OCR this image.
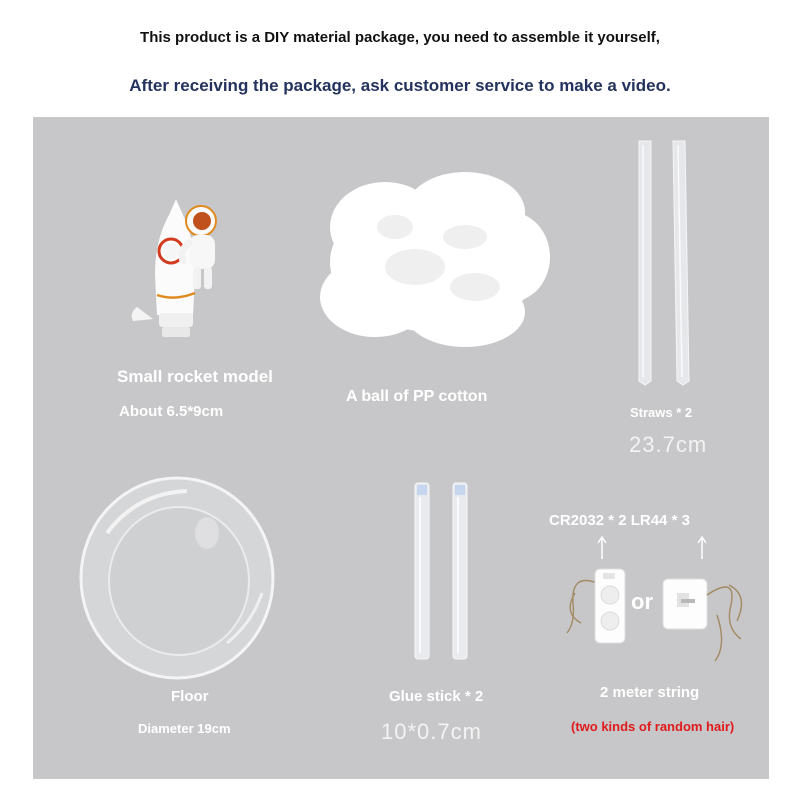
This product is a DIY material package, you need to assemble it yourself,
After receiving the package, ask customer service to make a video.
Small rocket model
About 6.5*9cm
A ball of PP cotton
Straws * 2
23.7cm
CR2032 * 2 LR44 * 3
or
Floor
Diameter 19cm
Glue stick * 2
10*0.7cm
2 meter string
(two kinds of random hair)
